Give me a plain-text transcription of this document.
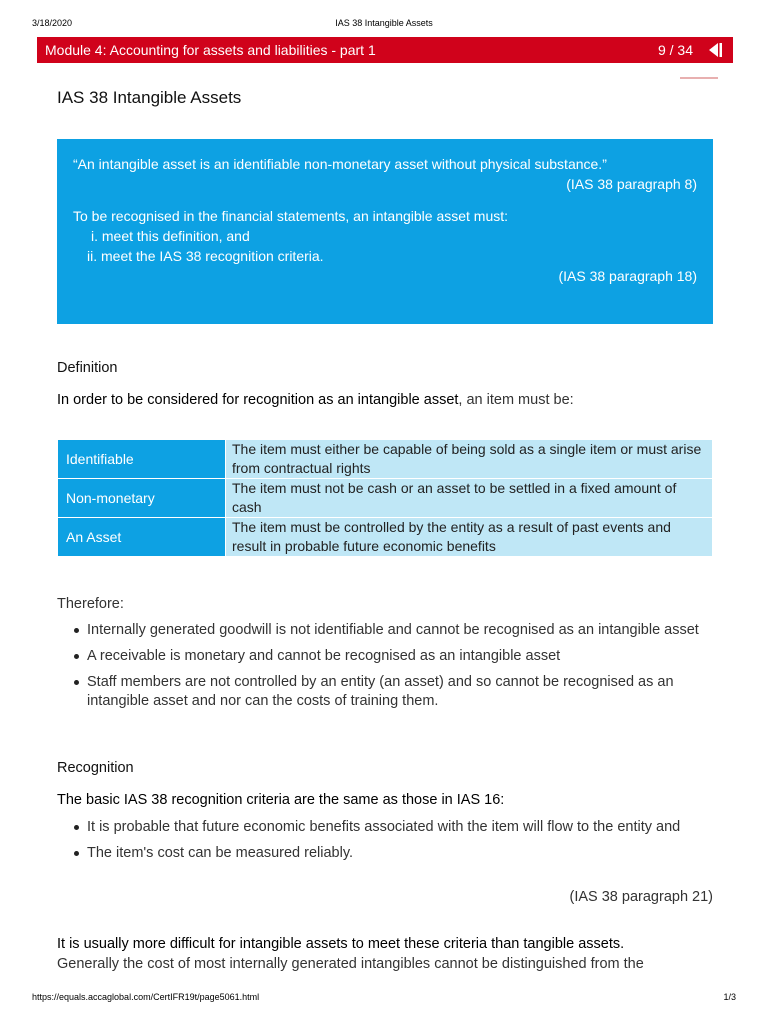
3/18/2020	IAS 38 Intangible Assets
Module 4: Accounting for assets and liabilities - part 1	9 / 34
IAS 38 Intangible Assets
“An intangible asset is an identifiable non-monetary asset without physical substance.”
(IAS 38 paragraph 8)
To be recognised in the financial statements, an intangible asset must:
i. meet this definition, and
ii. meet the IAS 38 recognition criteria.
(IAS 38 paragraph 18)
Definition
In order to be considered for recognition as an intangible asset, an item must be:
Identifiable	The item must either be capable of being sold as a single item or must arise from contractual rights
Non-monetary	The item must not be cash or an asset to be settled in a fixed amount of cash
An Asset	The item must be controlled by the entity as a result of past events and result in probable future economic benefits
Therefore:
Internally generated goodwill is not identifiable and cannot be recognised as an intangible asset
A receivable is monetary and cannot be recognised as an intangible asset
Staff members are not controlled by an entity (an asset) and so cannot be recognised as an intangible asset and nor can the costs of training them.
Recognition
The basic IAS 38 recognition criteria are the same as those in IAS 16:
It is probable that future economic benefits associated with the item will flow to the entity and
The item's cost can be measured reliably.
(IAS 38 paragraph 21)
It is usually more difficult for intangible assets to meet these criteria than tangible assets.
Generally the cost of most internally generated intangibles cannot be distinguished from the
https://equals.accaglobal.com/CertIFR19t/page5061.html	1/3
